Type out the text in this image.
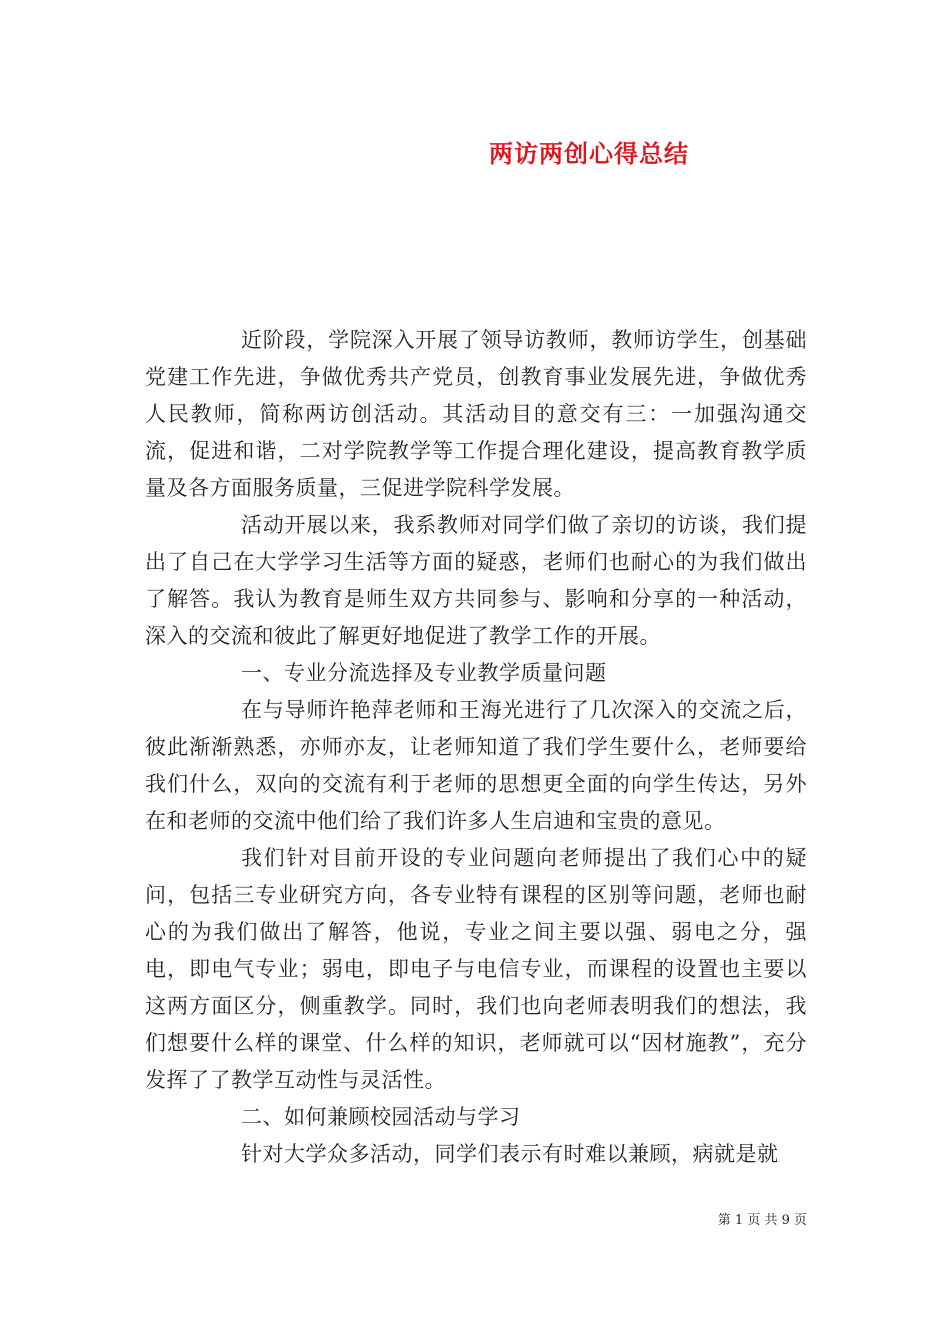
两访两创心得总结

近阶段，学院深入开展了领导访教师，教师访学生，创基础党建工作先进，争做优秀共产党员，创教育事业发展先进，争做优秀人民教师，简称两访创活动。其活动目的意交有三：一加强沟通交流，促进和谐，二对学院教学等工作提合理化建设，提高教育教学质量及各方面服务质量，三促进学院科学发展。

活动开展以来，我系教师对同学们做了亲切的访谈，我们提出了自己在大学学习生活等方面的疑惑，老师们也耐心的为我们做出了解答。我认为教育是师生双方共同参与、影响和分享的一种活动，深入的交流和彼此了解更好地促进了教学工作的开展。

一、专业分流选择及专业教学质量问题

在与导师许艳萍老师和王海光进行了几次深入的交流之后，彼此渐渐熟悉，亦师亦友，让老师知道了我们学生要什么，老师要给我们什么，双向的交流有利于老师的思想更全面的向学生传达，另外在和老师的交流中他们给了我们许多人生启迪和宝贵的意见。

我们针对目前开设的专业问题向老师提出了我们心中的疑问，包括三专业研究方向，各专业特有课程的区别等问题，老师也耐心的为我们做出了解答，他说，专业之间主要以强、弱电之分，强电，即电气专业；弱电，即电子与电信专业，而课程的设置也主要以这两方面区分，侧重教学。同时，我们也向老师表明我们的想法，我们想要什么样的课堂、什么样的知识，老师就可以“因材施教”，充分发挥了了教学互动性与灵活性。

二、如何兼顾校园活动与学习

针对大学众多活动，同学们表示有时难以兼顾，病就是就

第 1 页 共 9 页
